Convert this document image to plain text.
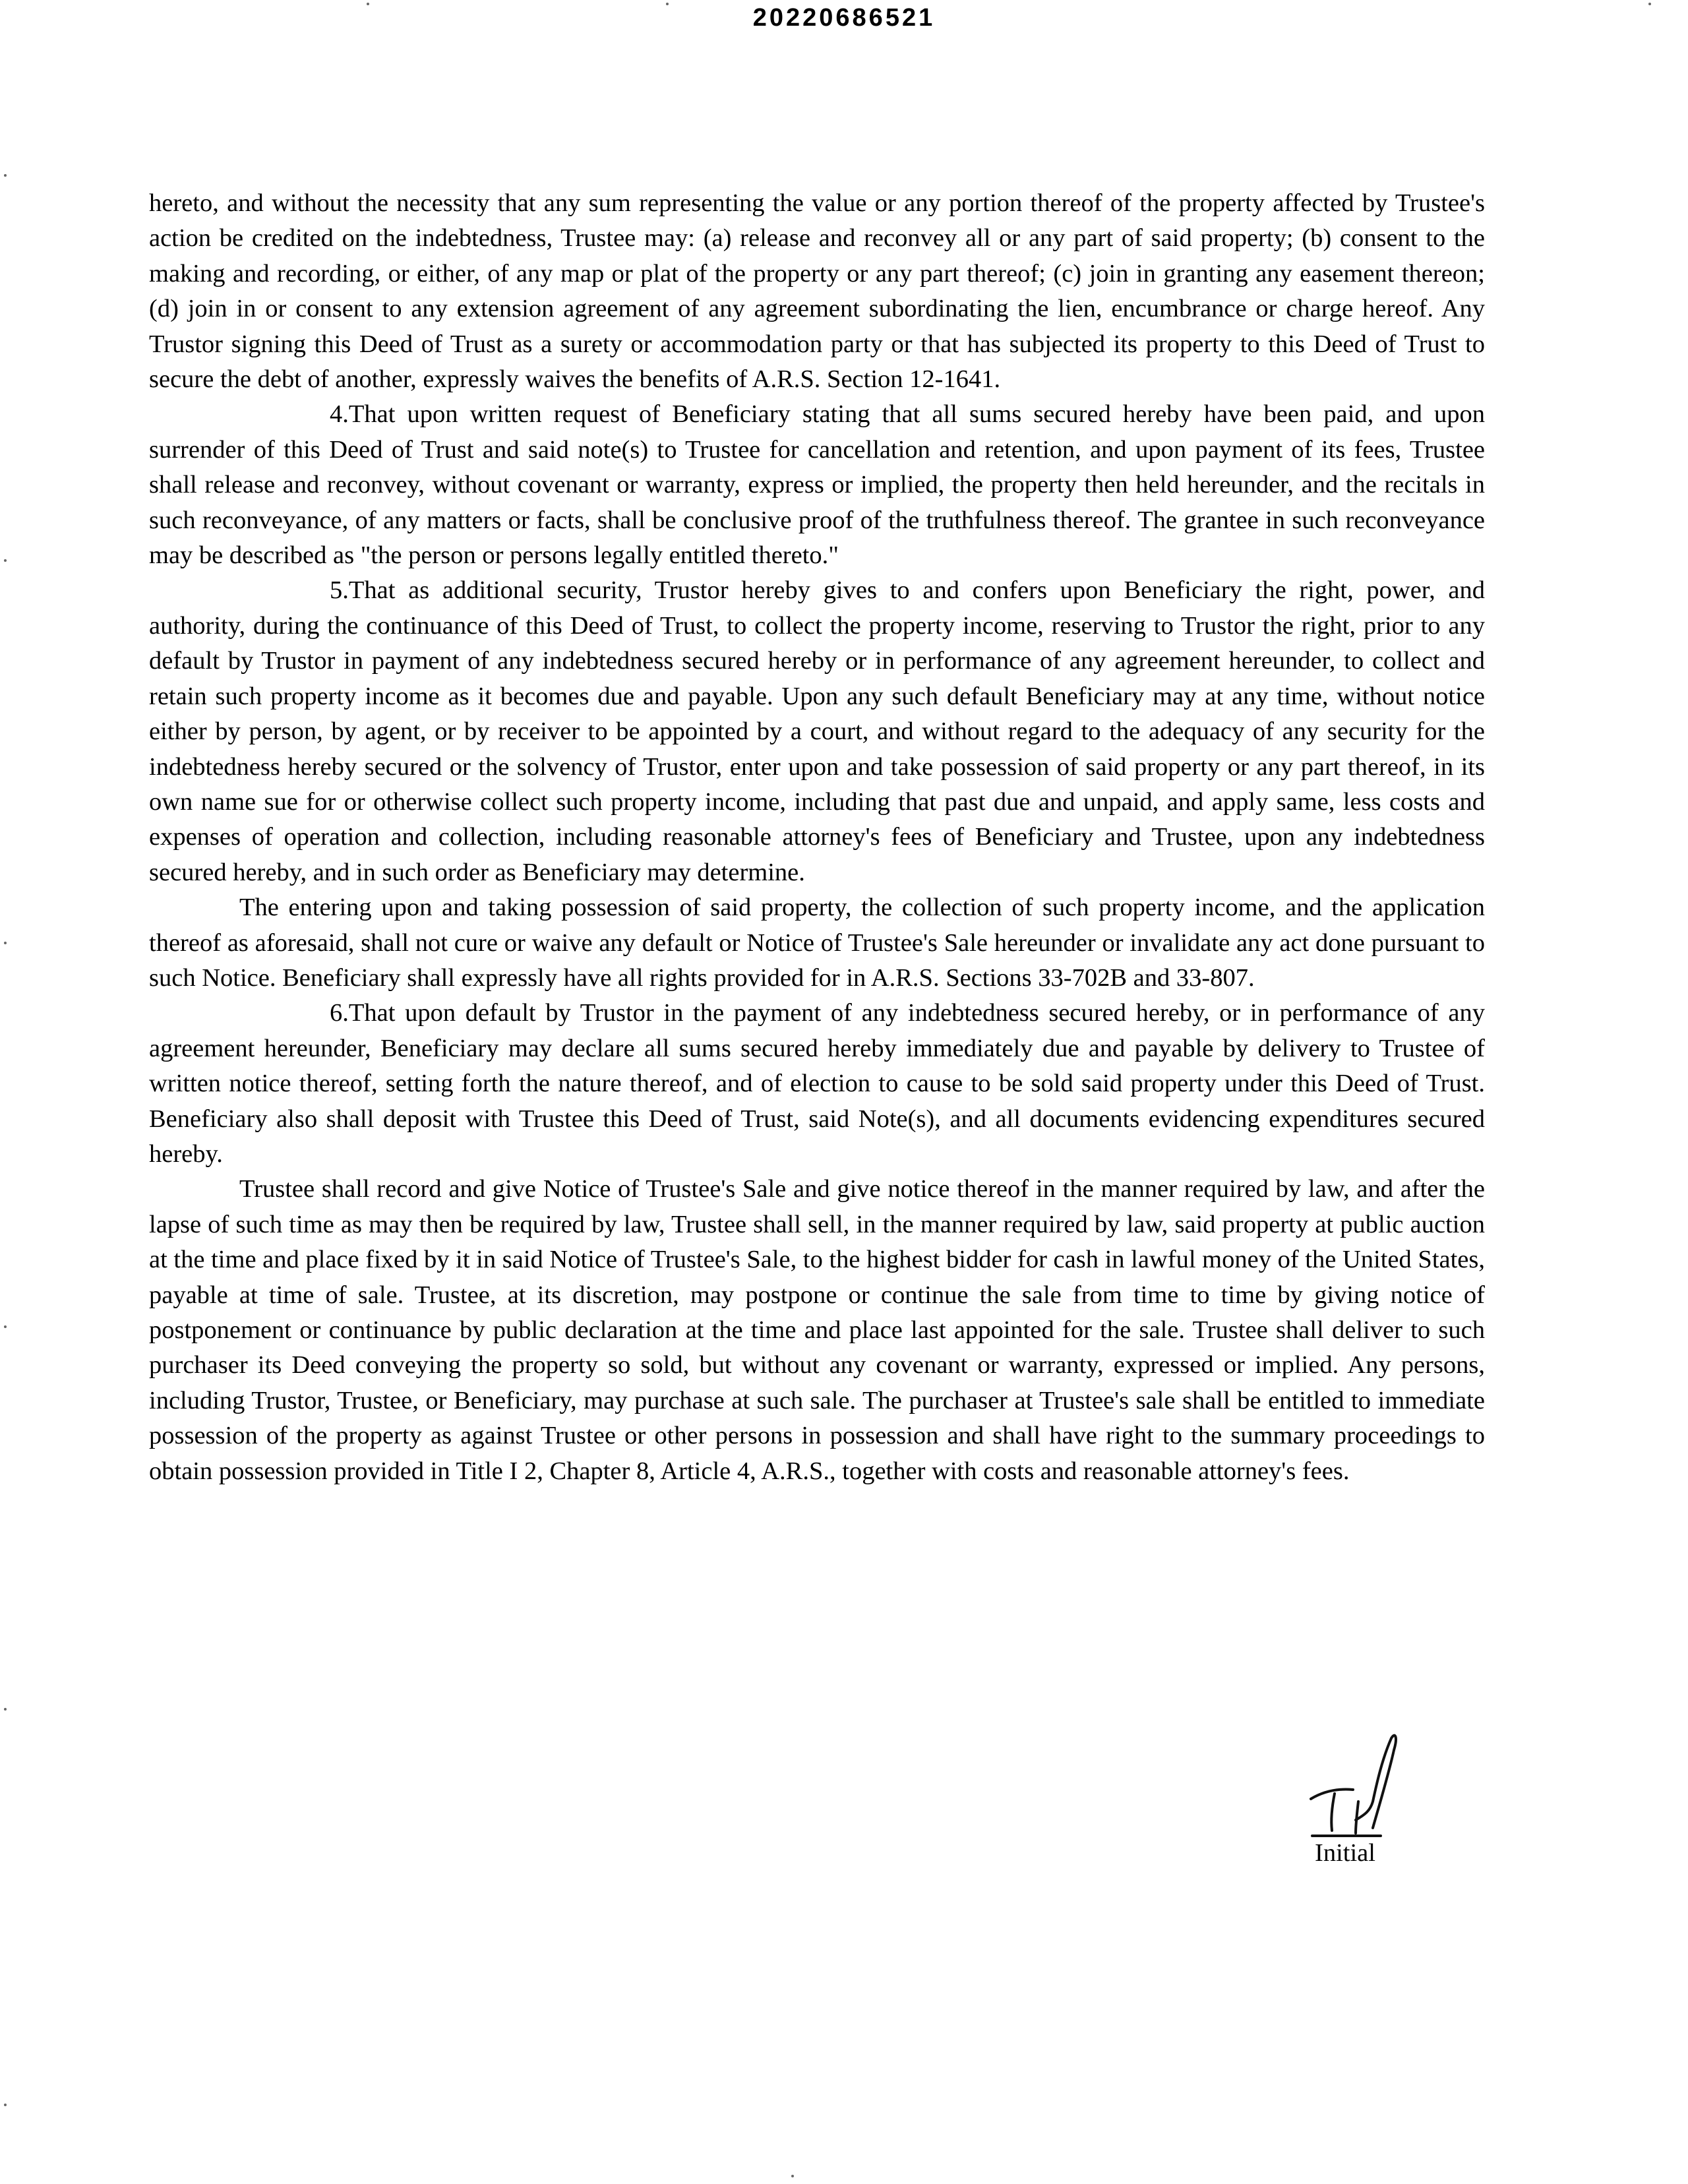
20220686521

hereto, and without the necessity that any sum representing the value or any portion thereof of the property affected by Trustee's action be credited on the indebtedness, Trustee may: (a) release and reconvey all or any part of said property; (b) consent to the making and recording, or either, of any map or plat of the property or any part thereof; (c) join in granting any easement thereon; (d) join in or consent to any extension agreement of any agreement subordinating the lien, encumbrance or charge hereof. Any Trustor signing this Deed of Trust as a surety or accommodation party or that has subjected its property to this Deed of Trust to secure the debt of another, expressly waives the benefits of A.R.S. Section 12-1641.

4.That upon written request of Beneficiary stating that all sums secured hereby have been paid, and upon surrender of this Deed of Trust and said note(s) to Trustee for cancellation and retention, and upon payment of its fees, Trustee shall release and reconvey, without covenant or warranty, express or implied, the property then held hereunder, and the recitals in such reconveyance, of any matters or facts, shall be conclusive proof of the truthfulness thereof. The grantee in such reconveyance may be described as "the person or persons legally entitled thereto."

5.That as additional security, Trustor hereby gives to and confers upon Beneficiary the right, power, and authority, during the continuance of this Deed of Trust, to collect the property income, reserving to Trustor the right, prior to any default by Trustor in payment of any indebtedness secured hereby or in performance of any agreement hereunder, to collect and retain such property income as it becomes due and payable. Upon any such default Beneficiary may at any time, without notice either by person, by agent, or by receiver to be appointed by a court, and without regard to the adequacy of any security for the indebtedness hereby secured or the solvency of Trustor, enter upon and take possession of said property or any part thereof, in its own name sue for or otherwise collect such property income, including that past due and unpaid, and apply same, less costs and expenses of operation and collection, including reasonable attorney's fees of Beneficiary and Trustee, upon any indebtedness secured hereby, and in such order as Beneficiary may determine.

The entering upon and taking possession of said property, the collection of such property income, and the application thereof as aforesaid, shall not cure or waive any default or Notice of Trustee's Sale hereunder or invalidate any act done pursuant to such Notice. Beneficiary shall expressly have all rights provided for in A.R.S. Sections 33-702B and 33-807.

6.That upon default by Trustor in the payment of any indebtedness secured hereby, or in performance of any agreement hereunder, Beneficiary may declare all sums secured hereby immediately due and payable by delivery to Trustee of written notice thereof, setting forth the nature thereof, and of election to cause to be sold said property under this Deed of Trust. Beneficiary also shall deposit with Trustee this Deed of Trust, said Note(s), and all documents evidencing expenditures secured hereby.

Trustee shall record and give Notice of Trustee's Sale and give notice thereof in the manner required by law, and after the lapse of such time as may then be required by law, Trustee shall sell, in the manner required by law, said property at public auction at the time and place fixed by it in said Notice of Trustee's Sale, to the highest bidder for cash in lawful money of the United States, payable at time of sale. Trustee, at its discretion, may postpone or continue the sale from time to time by giving notice of postponement or continuance by public declaration at the time and place last appointed for the sale. Trustee shall deliver to such purchaser its Deed conveying the property so sold, but without any covenant or warranty, expressed or implied. Any persons, including Trustor, Trustee, or Beneficiary, may purchase at such sale. The purchaser at Trustee's sale shall be entitled to immediate possession of the property as against Trustee or other persons in possession and shall have right to the summary proceedings to obtain possession provided in Title I 2, Chapter 8, Article 4, A.R.S., together with costs and reasonable attorney's fees.

Initial
